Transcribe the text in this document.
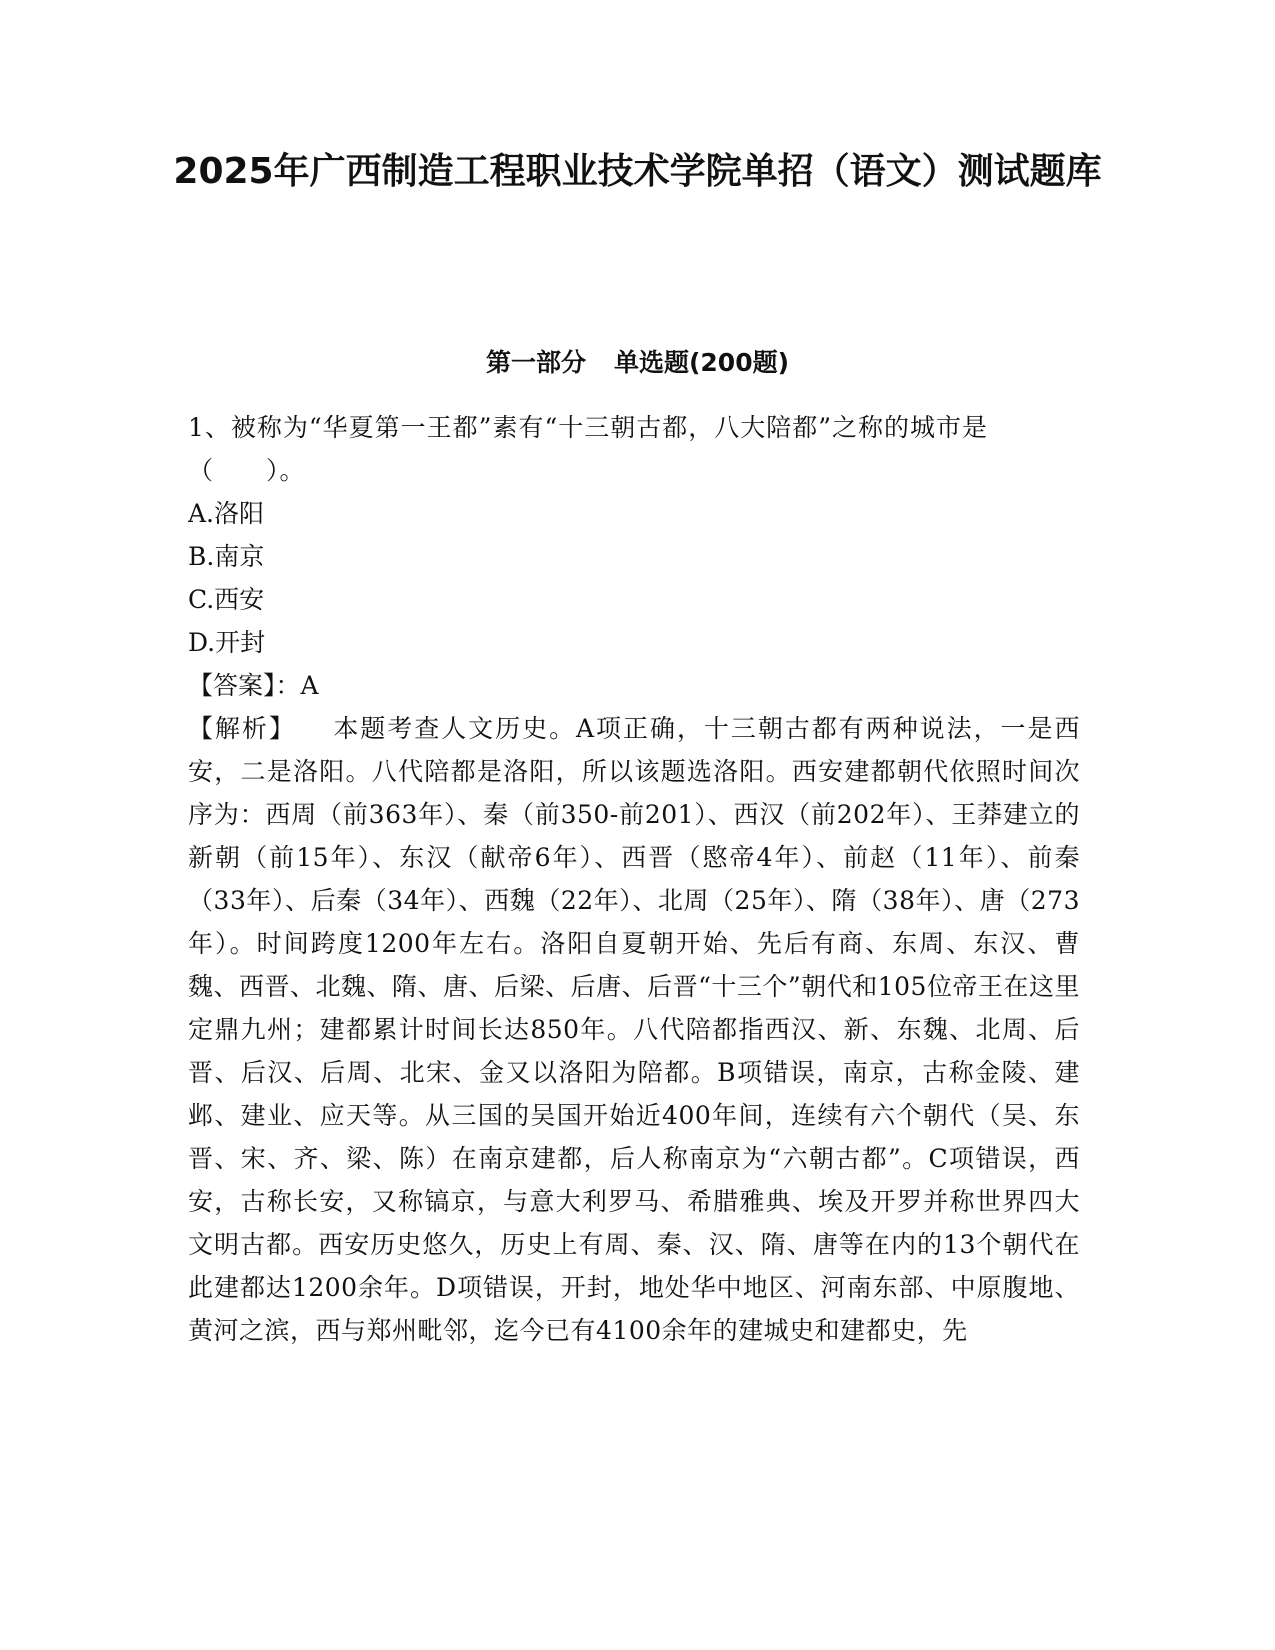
2025年广西制造工程职业技术学院单招（语文）测试题库
第一部分 单选题(200题)

1、被称为“华夏第一王都”素有“十三朝古都，八大陪都”之称的城市是（　　）。

A.洛阳

B.南京

C.西安

D.开封

【答案】：A

【解析】 本题考查人文历史。A项正确，十三朝古都有两种说法，一是西安，二是洛阳。八代陪都是洛阳，所以该题选洛阳。西安建都朝代依照时间次序为：西周（前363年）、秦（前350-前201）、西汉（前202年）、王莽建立的新朝（前15年）、东汉（献帝6年）、西晋（愍帝4年）、前赵（11年）、前秦（33年）、后秦（34年）、西魏（22年）、北周（25年）、隋（38年）、唐（273年）。时间跨度1200年左右。洛阳自夏朝开始、先后有商、东周、东汉、曹魏、西晋、北魏、隋、唐、后梁、后唐、后晋“十三个”朝代和105位帝王在这里定鼎九州；建都累计时间长达850年。八代陪都指西汉、新、东魏、北周、后晋、后汉、后周、北宋、金又以洛阳为陪都。B项错误，南京，古称金陵、建邺、建业、应天等。从三国的吴国开始近400年间，连续有六个朝代（吴、东晋、宋、齐、梁、陈）在南京建都，后人称南京为“六朝古都”。C项错误，西安，古称长安，又称镐京，与意大利罗马、希腊雅典、埃及开罗并称世界四大文明古都。西安历史悠久，历史上有周、秦、汉、隋、唐等在内的13个朝代在此建都达1200余年。D项错误，开封，地处华中地区、河南东部、中原腹地、黄河之滨，西与郑州毗邻，迄今已有4100余年的建城史和建都史，先
